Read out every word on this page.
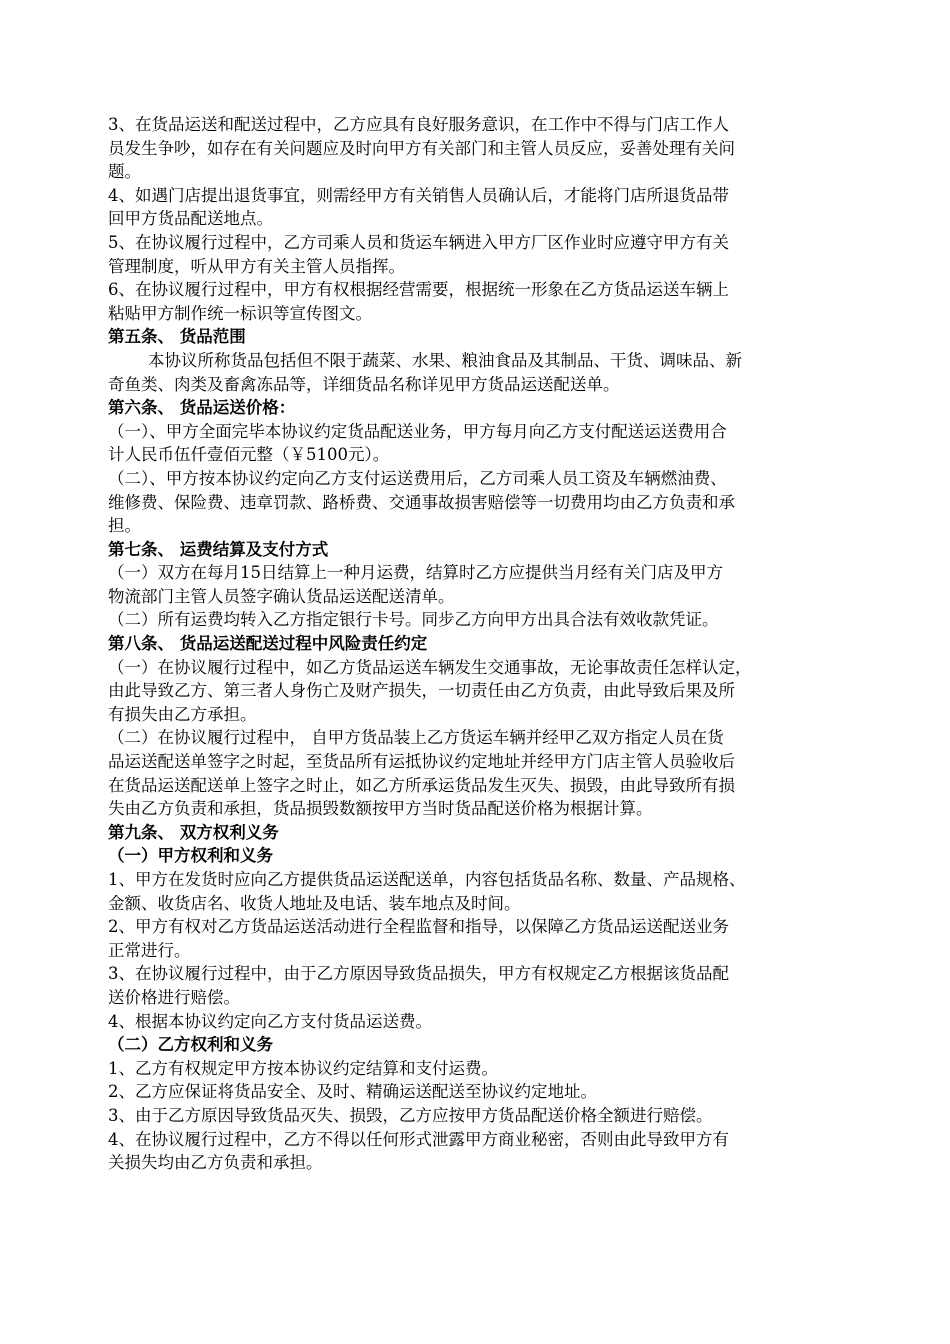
3、在货品运送和配送过程中，乙方应具有良好服务意识，在工作中不得与门店工作人
员发生争吵，如存在有关问题应及时向甲方有关部门和主管人员反应，妥善处理有关问
题。
4、如遇门店提出退货事宜，则需经甲方有关销售人员确认后，才能将门店所退货品带
回甲方货品配送地点。
5、在协议履行过程中，乙方司乘人员和货运车辆进入甲方厂区作业时应遵守甲方有关
管理制度，听从甲方有关主管人员指挥。
6、在协议履行过程中，甲方有权根据经营需要，根据统一形象在乙方货品运送车辆上
粘贴甲方制作统一标识等宣传图文。
第五条、 货品范围
本协议所称货品包括但不限于蔬菜、水果、粮油食品及其制品、干货、调味品、新
奇鱼类、肉类及畜禽冻品等，详细货品名称详见甲方货品运送配送单。
第六条、 货品运送价格：
（一）、甲方全面完毕本协议约定货品配送业务，甲方每月向乙方支付配送运送费用合
计人民币伍仟壹佰元整（￥5100元）。
（二）、甲方按本协议约定向乙方支付运送费用后，乙方司乘人员工资及车辆燃油费、
维修费、保险费、违章罚款、路桥费、交通事故损害赔偿等一切费用均由乙方负责和承
担。
第七条、 运费结算及支付方式
（一）双方在每月15日结算上一种月运费，结算时乙方应提供当月经有关门店及甲方
物流部门主管人员签字确认货品运送配送清单。
（二）所有运费均转入乙方指定银行卡号。同步乙方向甲方出具合法有效收款凭证。
第八条、 货品运送配送过程中风险责任约定
（一）在协议履行过程中，如乙方货品运送车辆发生交通事故，无论事故责任怎样认定，
由此导致乙方、第三者人身伤亡及财产损失，一切责任由乙方负责，由此导致后果及所
有损失由乙方承担。
（二）在协议履行过程中， 自甲方货品装上乙方货运车辆并经甲乙双方指定人员在货
品运送配送单签字之时起，至货品所有运抵协议约定地址并经甲方门店主管人员验收后
在货品运送配送单上签字之时止，如乙方所承运货品发生灭失、损毁，由此导致所有损
失由乙方负责和承担，货品损毁数额按甲方当时货品配送价格为根据计算。
第九条、 双方权利义务
（一）甲方权利和义务
1、甲方在发货时应向乙方提供货品运送配送单，内容包括货品名称、数量、产品规格、
金额、收货店名、收货人地址及电话、装车地点及时间。
2、甲方有权对乙方货品运送活动进行全程监督和指导，以保障乙方货品运送配送业务
正常进行。
3、在协议履行过程中，由于乙方原因导致货品损失，甲方有权规定乙方根据该货品配
送价格进行赔偿。
4、根据本协议约定向乙方支付货品运送费。
（二）乙方权利和义务
1、乙方有权规定甲方按本协议约定结算和支付运费。
2、乙方应保证将货品安全、及时、精确运送配送至协议约定地址。
3、由于乙方原因导致货品灭失、损毁，乙方应按甲方货品配送价格全额进行赔偿。
4、在协议履行过程中，乙方不得以任何形式泄露甲方商业秘密，否则由此导致甲方有
关损失均由乙方负责和承担。
